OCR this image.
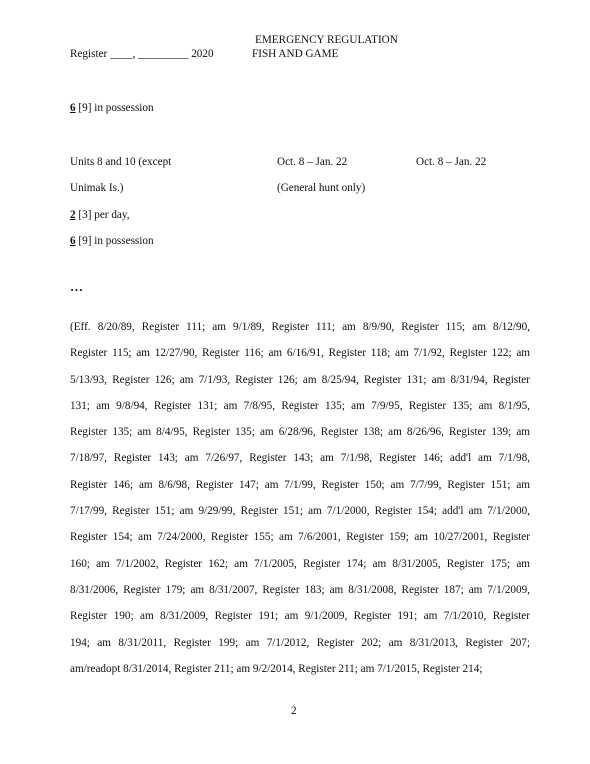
EMERGENCY REGULATION
Register ____, _________ 2020	FISH AND GAME
6 [9] in possession
Units 8 and 10 (except	Oct. 8 – Jan. 22	Oct. 8 – Jan. 22
Unimak Is.)	(General hunt only)
2 [3] per day,
6 [9] in possession
…
(Eff. 8/20/89, Register 111; am 9/1/89, Register 111; am 8/9/90, Register 115; am 8/12/90,
Register 115; am 12/27/90, Register 116; am 6/16/91, Register 118; am 7/1/92, Register 122; am
5/13/93, Register 126; am 7/1/93, Register 126; am 8/25/94, Register 131; am 8/31/94, Register
131; am 9/8/94, Register 131; am 7/8/95, Register 135; am 7/9/95, Register 135; am 8/1/95,
Register 135; am 8/4/95, Register 135; am 6/28/96, Register 138; am 8/26/96, Register 139; am
7/18/97, Register 143; am 7/26/97, Register 143; am 7/1/98, Register 146; add'l am 7/1/98,
Register 146; am 8/6/98, Register 147; am 7/1/99, Register 150; am 7/7/99, Register 151; am
7/17/99, Register 151; am 9/29/99, Register 151; am 7/1/2000, Register 154; add'l am 7/1/2000,
Register 154; am 7/24/2000, Register 155; am 7/6/2001, Register 159; am 10/27/2001, Register
160; am 7/1/2002, Register 162; am 7/1/2005, Register 174; am 8/31/2005, Register 175; am
8/31/2006, Register 179; am 8/31/2007, Register 183; am 8/31/2008, Register 187; am 7/1/2009,
Register 190; am 8/31/2009, Register 191; am 9/1/2009, Register 191; am 7/1/2010, Register
194; am 8/31/2011, Register 199; am 7/1/2012, Register 202; am 8/31/2013, Register 207;
am/readopt 8/31/2014, Register 211; am 9/2/2014, Register 211; am 7/1/2015, Register 214;
2
